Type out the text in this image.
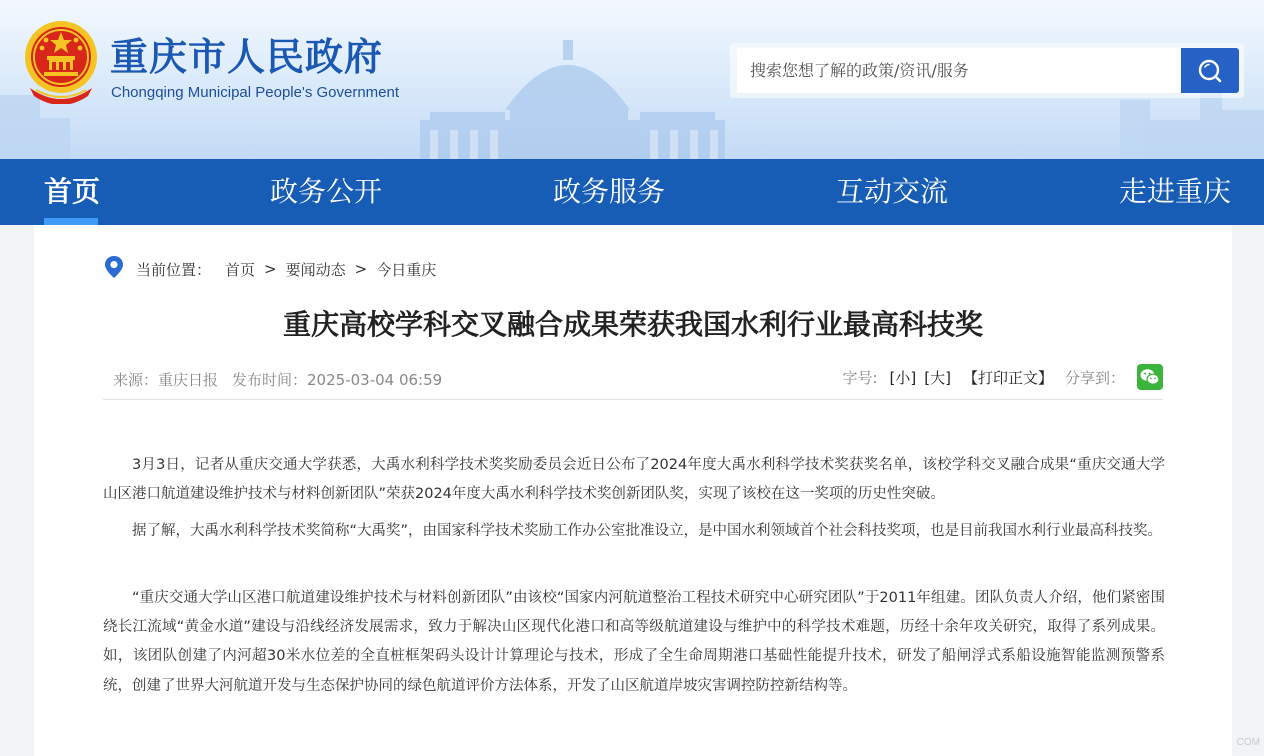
重庆市人民政府
Chongqing Municipal People's Government
搜索您想了解的政策/资讯/服务
首页	政务公开	政务服务	互动交流	走进重庆
当前位置： 首页 > 要闻动态 > 今日重庆
重庆高校学科交叉融合成果荣获我国水利行业最高科技奖
来源：重庆日报 发布时间：2025-03-04 06:59	字号: [小] [大] 【打印正文】 分享到：

3月3日，记者从重庆交通大学获悉，大禹水利科学技术奖奖励委员会近日公布了2024年度大禹水利科学技术奖获奖名单，该校学科交叉融合成果“重庆交通大学山区港口航道建设维护技术与材料创新团队”荣获2024年度大禹水利科学技术奖创新团队奖，实现了该校在这一奖项的历史性突破。

据了解，大禹水利科学技术奖简称“大禹奖”，由国家科学技术奖励工作办公室批准设立，是中国水利领域首个社会科技奖项，也是目前我国水利行业最高科技奖。

“重庆交通大学山区港口航道建设维护技术与材料创新团队”由该校“国家内河航道整治工程技术研究中心研究团队”于2011年组建。团队负责人介绍，他们紧密围绕长江流域“黄金水道”建设与沿线经济发展需求，致力于解决山区现代化港口和高等级航道建设与维护中的科学技术难题，历经十余年攻关研究，取得了系列成果。如，该团队创建了内河超30米水位差的全直桩框架码头设计计算理论与技术，形成了全生命周期港口基础性能提升技术，研发了船闸浮式系船设施智能监测预警系统，创建了世界大河航道开发与生态保护协同的绿色航道评价方法体系，开发了山区航道岸坡灾害调控防控新结构等。

COM
